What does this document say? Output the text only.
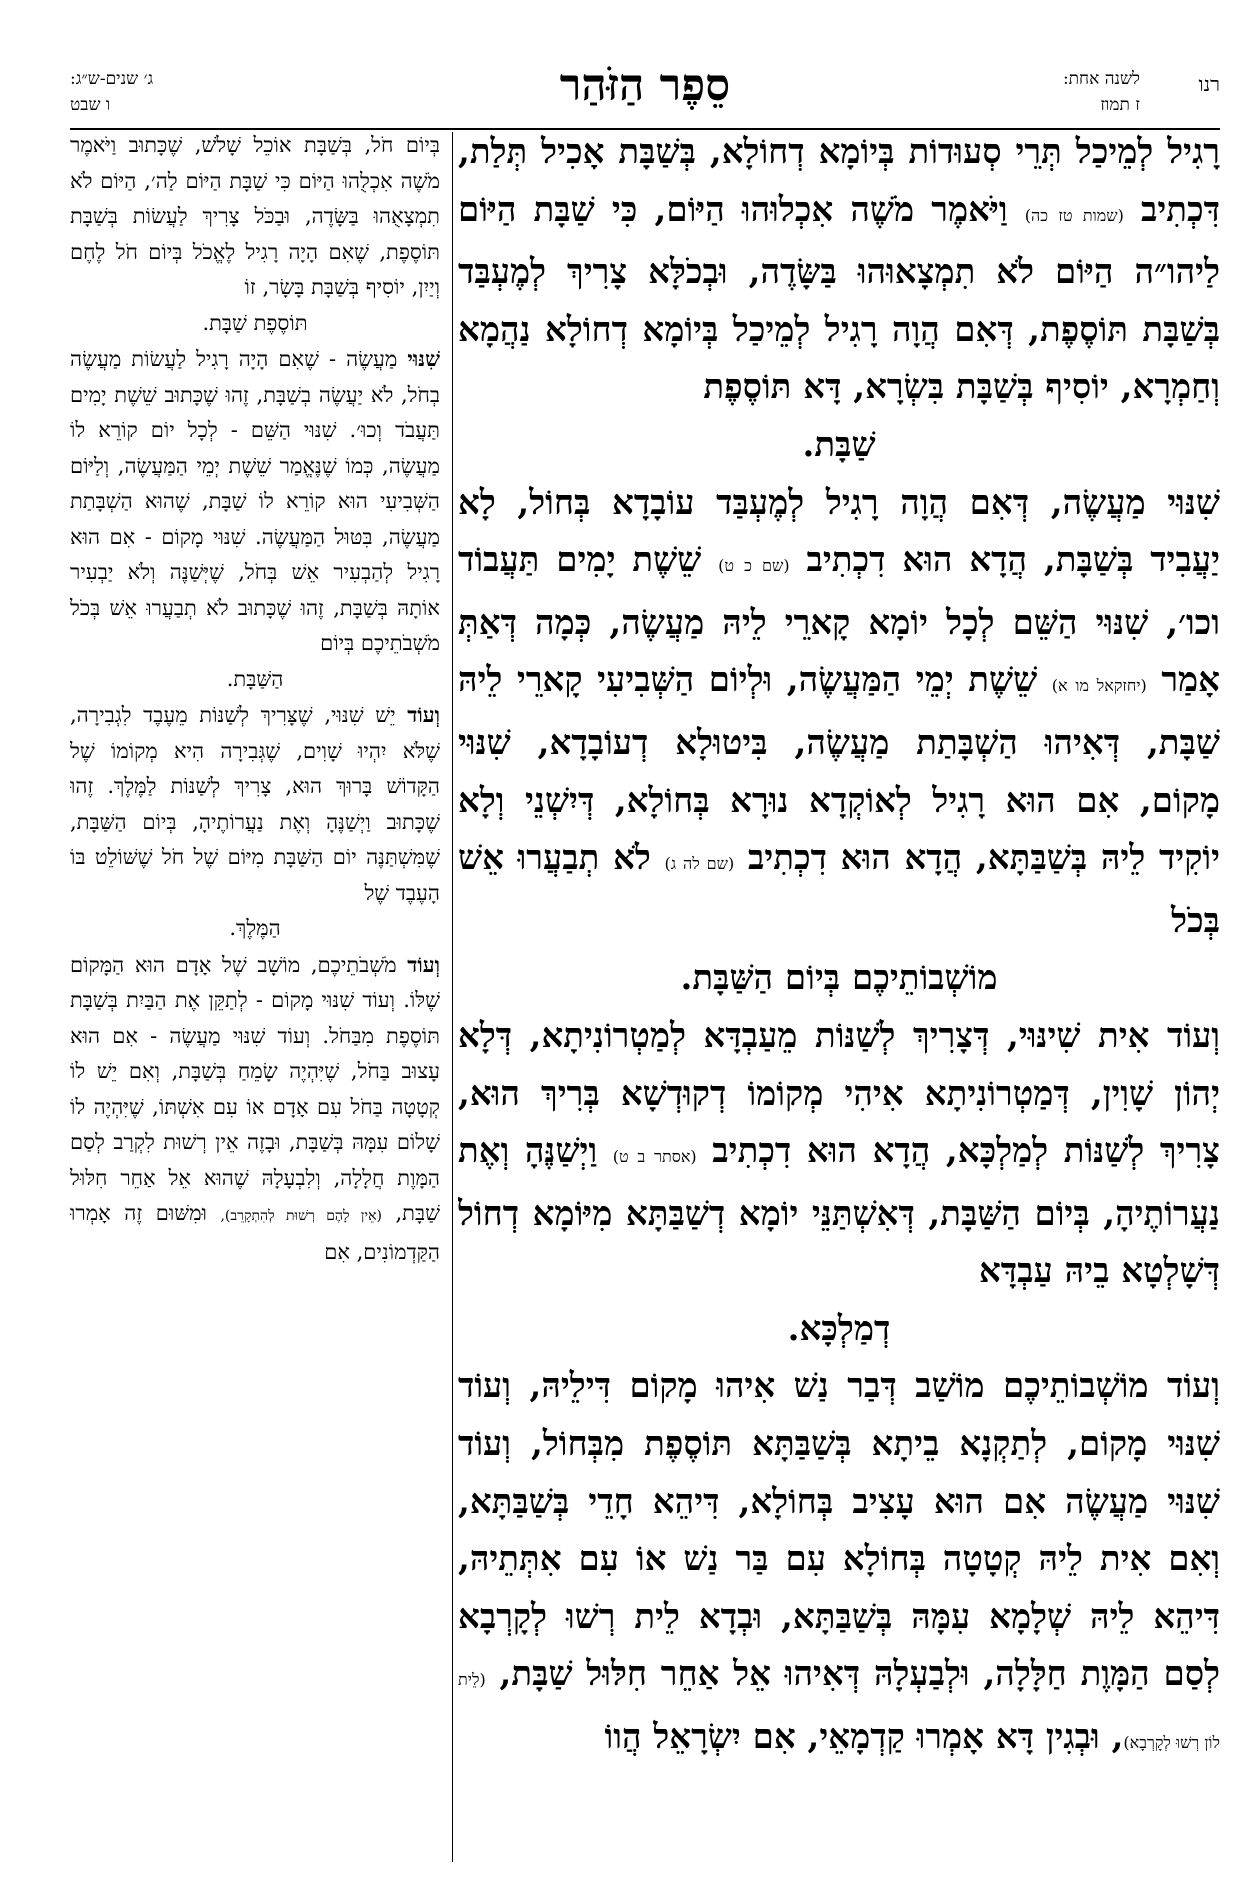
רנו
לשנה אחת:
ז תמוז
סֵפֶר הַזֹּהַר
ג׳ שנים-ש״ג:
ו שבט

רָגִיל לְמֵיכַל תְּרֵי סְעוּדוֹת בְּיוֹמָא דְחוֹלָא, בְּשַׁבָּת אָכִיל תְּלַת, דִּכְתִיב (שמות טז כה) וַיֹּאמֶר מֹשֶׁה אִכְלוּהוּ הַיּוֹם, כִּי שַׁבָּת הַיּוֹם לַיהו״ה הַיּוֹם לֹא תִמְצָאוּהוּ בַּשָּׂדֶה, וּבְכֹלָּא צָרִיךְ לְמֶעְבַּד בְּשַׁבָּת תּוֹסֶפֶת, דְּאִם הֲוָה רָגִיל לְמֵיכַל בְּיוֹמָא דְחוֹלָא נַהֲמָא וְחַמְרָא, יוֹסִיף בְּשַׁבָּת בִּשְׂרָא, דָּא תּוֹסֶפֶת

שַׁבָּת.

שִׁנּוּי מַעֲשֶׂה, דְּאִם הֲוָה רָגִיל לְמֶעְבַּד עוֹבָדָא בְּחוֹל, לָא יַעֲבִיד בְּשַׁבָּת, הֲדָא הוּא דִכְתִיב (שם כ ט) שֵׁשֶׁת יָמִים תַּעֲבוֹד וכו׳, שִׁנּוּי הַשֵּׁם לְכָל יוֹמָא קָארֵי לֵיהּ מַעֲשֶׂה, כְּמָה דְּאַתְּ אָמַר (יחזקאל מו א) שֵׁשֶׁת יְמֵי הַמַּעֲשֶׂה, וּלְיוֹם הַשְּׁבִיעִי קָארֵי לֵיהּ שַׁבָּת, דְּאִיהוּ הַשְׁבָּתַת מַעֲשֶׂה, בִּיטוּלָא דְעוֹבָדָא, שִׁנּוּי מָקוֹם, אִם הוּא רָגִיל לְאוֹקְדָא נוּרָא בְּחוֹלָא, דְּיִשְׁנֵי וְלָא יוֹקִיד לֵיהּ בְּשַׁבַּתָּא, הֲדָא הוּא דִכְתִיב (שם לה ג) לֹא תְבַעֲרוּ אֵשׁ בְּכֹל

מוֹשְׁבוֹתֵיכֶם בְּיוֹם הַשַּׁבָּת.

וְעוֹד אִית שִׁינּוּי, דְּצָרִיךְ לְשַׁנּוֹת מֵעַבְדָּא לְמַטְרוֹנִיתָא, דְּלָא יְהוֹן שָׁוִין, דְּמַטְרוֹנִיתָא אִיהִי מְקוֹמוֹ דְקוּדְשָׁא בְּרִיךְ הוּא, צָרִיךְ לְשַׁנּוֹת לְמַלְכָּא, הֲדָא הוּא דִכְתִיב (אסתר ב ט) וַיְשַׁנֶּהָ וְאֶת נַעֲרוֹתֶיהָ, בְּיוֹם הַשַּׁבָּת, דְּאִשְׁתַּנֵּי יוֹמָא דְשַׁבַּתָּא מִיּוֹמָא דְחוֹל דְּשָׁלְטָא בֵיהּ עַבְדָּא

דְמַלְכָּא.

וְעוֹד מוֹשְׁבוֹתֵיכֶם מוֹשַׁב דְּבַר נַשׁ אִיהוּ מָקוֹם דִּילֵיהּ, וְעוֹד שִׁנּוּי מָקוֹם, לְתַקְנָא בֵיתָא בְּשַׁבַּתָּא תּוֹסֶפֶת מִבְּחוֹל, וְעוֹד שִׁנּוּי מַעֲשֶׂה אִם הוּא עָצִיב בְּחוֹלָא, דִּיהֵא חָדֵי בְּשַׁבַּתָּא, וְאִם אִית לֵיהּ קְטָטָה בְּחוֹלָא עִם בַּר נַשׁ אוֹ עִם אִתְּתֵיהּ, דִּיהֵא לֵיהּ שְׁלָמָא עִמָּהּ בְּשַׁבַּתָּא, וּבְדָא לֵית רְשׁוּ לְקָרְבָא לְסַם הַמָּוֶת חַלָּלָה, וּלְבַעְלָהּ דְּאִיהוּ אֵל אַחֵר חִלּוּל שַׁבָּת, (לֵית לוֹן רְשׁוּ לְקָרְבָא), וּבְגִין דָּא אָמְרוּ קַדְמָאֵי, אִם יִשְׂרָאֵל הֲווֹ

בְּיוֹם חֹל, בְּשַׁבָּת אוֹכֵל שָׁלֹשׁ, שֶׁכָּתוּב וַיֹּאמֶר מֹשֶׁה אִכְלֻהוּ הַיּוֹם כִּי שַׁבָּת הַיּוֹם לַה׳, הַיּוֹם לֹא תִמְצָאֻהוּ בַּשָּׂדֶה, וּבַכֹּל צָרִיךְ לַעֲשׂוֹת בְּשַׁבָּת תּוֹסֶפֶת, שֶׁאִם הָיָה רָגִיל לֶאֱכֹל בְּיוֹם חֹל לֶחֶם וְיַיִן, יוֹסִיף בְּשַׁבָּת בָּשָׂר, זוֹ

תּוֹסֶפֶת שַׁבָּת.

שִׁנּוּי מַעֲשֶׂה - שֶׁאִם הָיָה רָגִיל לַעֲשׂוֹת מַעֲשֶׂה בְחֹל, לֹא יַעֲשֶׂה בְשַׁבָּת, זֶהוּ שֶׁכָּתוּב שֵׁשֶׁת יָמִים תַּעֲבֹד וְכוּ׳. שִׁנּוּי הַשֵּׁם - לְכָל יוֹם קוֹרֵא לוֹ מַעֲשֶׂה, כְּמוֹ שֶׁנֶּאֱמַר שֵׁשֶׁת יְמֵי הַמַּעֲשֶׂה, וְלַיּוֹם הַשְּׁבִיעִי הוּא קוֹרֵא לוֹ שַׁבָּת, שֶׁהוּא הַשְׁבָּתַת מַעֲשֶׂה, בִּטּוּל הַמַּעֲשֶׂה. שִׁנּוּי מָקוֹם - אִם הוּא רָגִיל לְהַבְעִיר אֵשׁ בְּחֹל, שֶׁיְּשַׁנֶּה וְלֹא יַבְעִיר אוֹתָהּ בְּשַׁבָּת, זֶהוּ שֶׁכָּתוּב לֹא תְבַעֲרוּ אֵשׁ בְּכֹל מֹשְׁבֹתֵיכֶם בְּיוֹם

הַשַּׁבָּת.

וְעוֹד יֵשׁ שִׁנּוּי, שֶׁצָּרִיךְ לְשַׁנּוֹת מֵעֶבֶד לִגְבִירָה, שֶׁלֹּא יִהְיוּ שָׁוִים, שֶׁגְּבִירָה הִיא מְקוֹמוֹ שֶׁל הַקָּדוֹשׁ בָּרוּךְ הוּא, צָרִיךְ לְשַׁנּוֹת לַמֶּלֶךְ. זֶהוּ שֶׁכָּתוּב וַיְשַׁנֶּהָ וְאֶת נַעֲרוֹתֶיהָ, בְּיוֹם הַשַּׁבָּת, שֶׁמִּשְׁתַּנֶּה יוֹם הַשַּׁבָּת מִיּוֹם שֶׁל חֹל שֶׁשּׁוֹלֵט בּוֹ הָעֶבֶד שֶׁל

הַמֶּלֶךְ.

וְעוֹד מֹשְׁבֹתֵיכֶם, מוֹשָׁב שֶׁל אָדָם הוּא הַמָּקוֹם שֶׁלּוֹ. וְעוֹד שִׁנּוּי מָקוֹם - לְתַקֵּן אֶת הַבַּיִת בְּשַׁבָּת תּוֹסֶפֶת מִבַּחֹל. וְעוֹד שִׁנּוּי מַעֲשֶׂה - אִם הוּא עָצוּב בַּחֹל, שֶׁיִּהְיֶה שָׂמֵחַ בְּשַׁבָּת, וְאִם יֵשׁ לוֹ קְטָטָה בַּחֹל עִם אָדָם אוֹ עִם אִשְׁתּוֹ, שֶׁיִּהְיֶה לוֹ שָׁלוֹם עִמָּהּ בְּשַׁבָּת, וּבָזֶה אֵין רְשׁוּת לִקְרַב לְסַם הַמָּוֶת חֲלָלָה, וְלִבְעָלָהּ שֶׁהוּא אֵל אַחֵר חִלּוּל שַׁבָּת, (אֵין לָהֶם רְשׁוּת לְהִתְקָרֵב), וּמִשּׁוּם זֶה אָמְרוּ הַקַּדְמוֹנִים, אִם
